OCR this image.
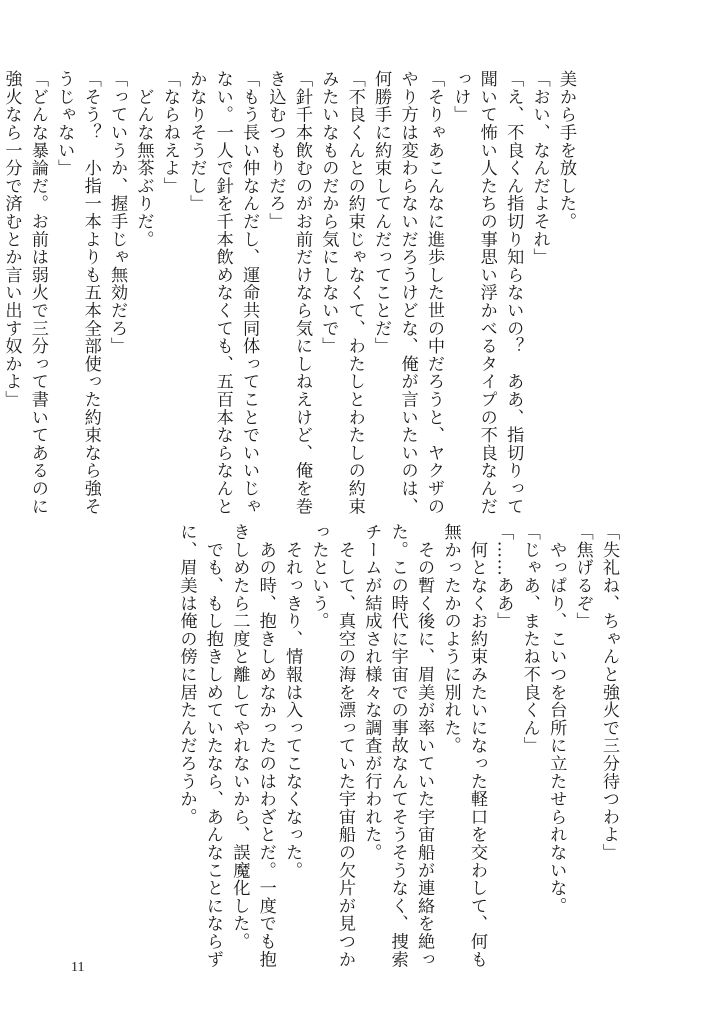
美から手を放した。
「おい、なんだよそれ」
「え、不良くん指切り知らないの？　ああ、指切りって
聞いて怖い人たちの事思い浮かべるタイプの不良なんだ
っけ」
「そりゃあこんなに進歩した世の中だろうと、ヤクザの
やり方は変わらないだろうけどな、俺が言いたいのは、
何勝手に約束してんだってことだ」
「不良くんとの約束じゃなくて、わたしとわたしの約束
みたいなものだから気にしないで」
「針千本飲むのがお前だけなら気にしねえけど、俺を巻
き込むつもりだろ」
「もう長い仲なんだし、運命共同体ってことでいいじゃ
ない。一人で針を千本飲めなくても、五百本ならなんと
かなりそうだし」
「ならねえよ」
　どんな無茶ぶりだ。
「っていうか、握手じゃ無効だろ」
「そう？　小指一本よりも五本全部使った約束なら強そ
うじゃない」
「どんな暴論だ。お前は弱火で三分って書いてあるのに
強火なら一分で済むとか言い出す奴かよ」
「失礼ね、ちゃんと強火で三分待つわよ」
「焦げるぞ」
　やっぱり、こいつを台所に立たせられないな。
「じゃあ、またね不良くん」
「……ああ」
　何となくお約束みたいになった軽口を交わして、何も
無かったかのように別れた。
　その暫く後に、眉美が率いていた宇宙船が連絡を絶っ
た。この時代に宇宙での事故なんてそうそうなく、捜索
チームが結成され様々な調査が行われた。
　そして、真空の海を漂っていた宇宙船の欠片が見つか
ったという。
　それっきり、情報は入ってこなくなった。
　あの時、抱きしめなかったのはわざとだ。一度でも抱
きしめたら二度と離してやれないから、誤魔化した。
　でも、もし抱きしめていたなら、あんなことにならず
に、眉美は俺の傍に居たんだろうか。
11
